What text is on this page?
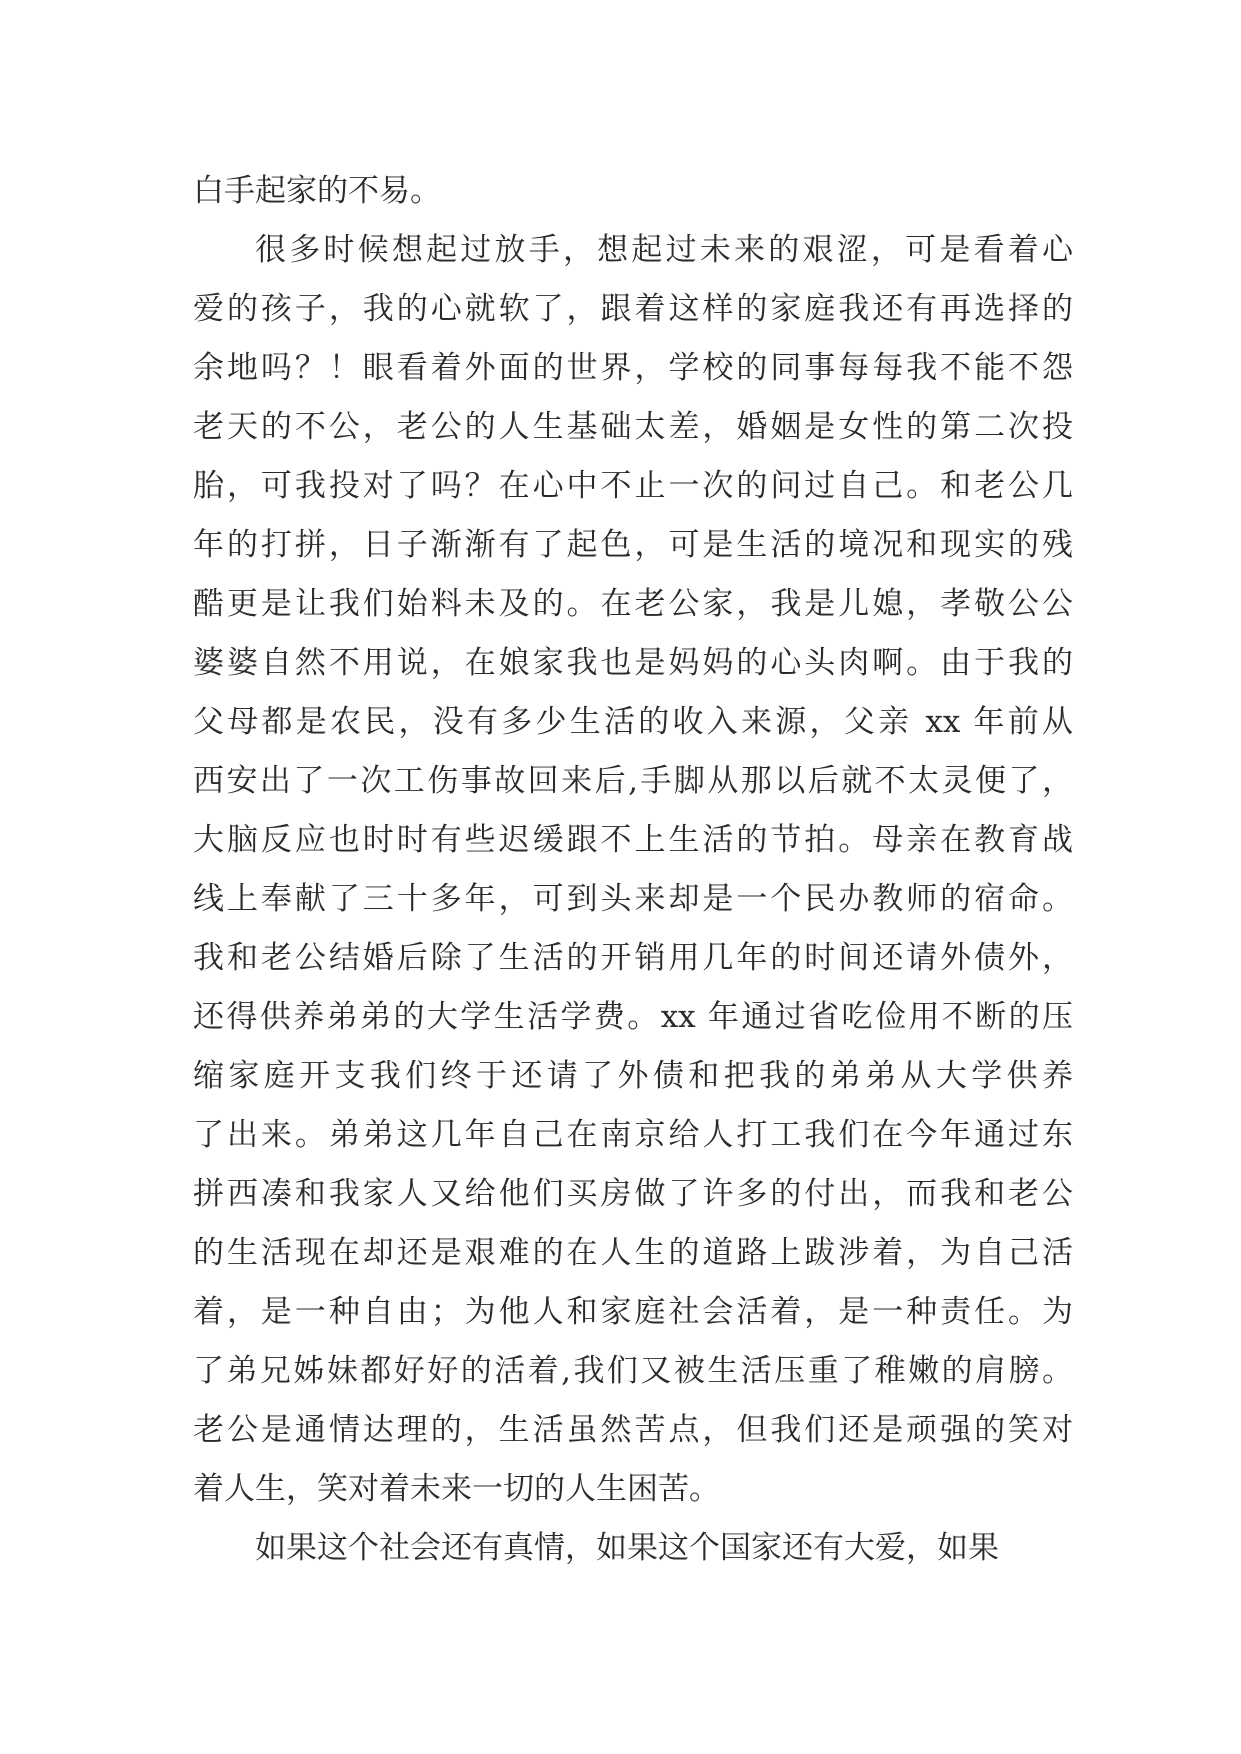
白手起家的不易。
很多时候想起过放手，想起过未来的艰涩，可是看着心
爱的孩子，我的心就软了，跟着这样的家庭我还有再选择的
余地吗？！眼看着外面的世界，学校的同事每每我不能不怨
老天的不公，老公的人生基础太差，婚姻是女性的第二次投
胎，可我投对了吗？在心中不止一次的问过自己。和老公几
年的打拼，日子渐渐有了起色，可是生活的境况和现实的残
酷更是让我们始料未及的。在老公家，我是儿媳，孝敬公公
婆婆自然不用说，在娘家我也是妈妈的心头肉啊。由于我的
父母都是农民，没有多少生活的收入来源，父亲 xx 年前从
西安出了一次工伤事故回来后,手脚从那以后就不太灵便了，
大脑反应也时时有些迟缓跟不上生活的节拍。母亲在教育战
线上奉献了三十多年，可到头来却是一个民办教师的宿命。
我和老公结婚后除了生活的开销用几年的时间还请外债外，
还得供养弟弟的大学生活学费。xx 年通过省吃俭用不断的压
缩家庭开支我们终于还请了外债和把我的弟弟从大学供养
了出来。弟弟这几年自己在南京给人打工我们在今年通过东
拼西凑和我家人又给他们买房做了许多的付出，而我和老公
的生活现在却还是艰难的在人生的道路上跋涉着，为自己活
着，是一种自由；为他人和家庭社会活着，是一种责任。为
了弟兄姊妹都好好的活着,我们又被生活压重了稚嫩的肩膀。
老公是通情达理的，生活虽然苦点，但我们还是顽强的笑对
着人生，笑对着未来一切的人生困苦。
如果这个社会还有真情，如果这个国家还有大爱，如果
